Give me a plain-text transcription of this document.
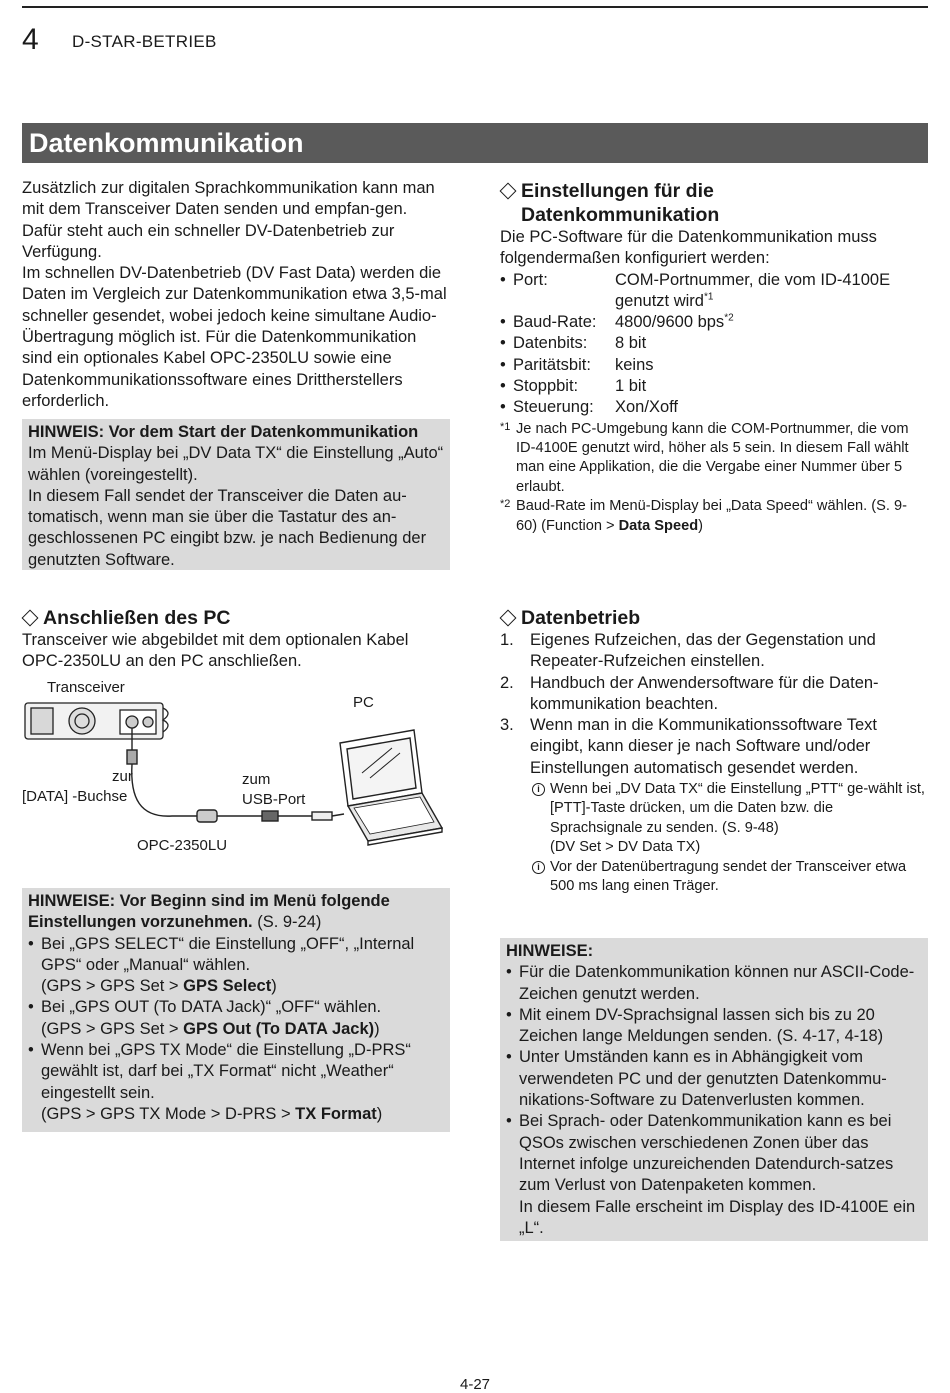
4 D-STAR-BETRIEB
Datenkommunikation

Zusätzlich zur digitalen Sprachkommunikation kann man mit dem Transceiver Daten senden und empfan-gen. Dafür steht auch ein schneller DV-Datenbetrieb zur Verfügung.

Im schnellen DV-Datenbetrieb (DV Fast Data) werden die Daten im Vergleich zur Datenkommunikation etwa 3,5-mal schneller gesendet, wobei jedoch keine simultane Audio-Übertragung möglich ist. Für die Datenkommunikation sind ein optionales Kabel OPC-2350LU sowie eine Datenkommunikationssoftware eines Drittherstellers erforderlich.

HINWEIS: Vor dem Start der Datenkommunikation

Im Menü-Display bei „DV Data TX“ die Einstellung „Auto“ wählen (voreingestellt).

In diesem Fall sendet der Transceiver die Daten au-tomatisch, wenn man sie über die Tastatur des an-geschlossenen PC eingibt bzw. je nach Bedienung der genutzten Software.

Einstellungen für die
Datenkommunikation

Die PC-Software für die Datenkommunikation muss folgendermaßen konfiguriert werden:

• Port:	COM-Portnummer, die vom ID-4100E genutzt wird$^{*1}$
• Baud-Rate:	4800/9600 bps$^{*2}$
• Datenbits:	8 bit
• Paritätsbit:	keins
• Stoppbit:	1 bit
• Steuerung:	Xon/Xoff
*1 Je nach PC-Umgebung kann die COM-Portnummer, die vom ID-4100E genutzt wird, höher als 5 sein. In diesem Fall wählt man eine Applikation, die die Vergabe einer Nummer über 5 erlaubt.
*2 Baud-Rate im Menü-Display bei „Data Speed“ wählen. (S. 9-60) (Function > Data Speed)
Anschließen des PC

Transceiver wie abgebildet mit dem optionalen Kabel OPC-2350LU an den PC anschließen.

Transceiver
PC
zur
[DATA] -Buchse
zum
USB-Port
OPC-2350LU

HINWEISE: Vor Beginn sind im Menü folgende Einstellungen vorzunehmen. (S. 9-24)

• Bei „GPS SELECT“ die Einstellung „OFF“, „Internal GPS“ oder „Manual“ wählen.
(GPS > GPS Set > GPS Select)
• Bei „GPS OUT (To DATA Jack)“ „OFF“ wählen.
(GPS > GPS Set > GPS Out (To DATA Jack))
• Wenn bei „GPS TX Mode“ die Einstellung „D-PRS“ gewählt ist, darf bei „TX Format“ nicht „Weather“ eingestellt sein.
(GPS > GPS TX Mode > D-PRS > TX Format)
Datenbetrieb
1. Eigenes Rufzeichen, das der Gegenstation und Repeater-Rufzeichen einstellen.
2. Handbuch der Anwendersoftware für die Daten-kommunikation beachten.
3. Wenn man in die Kommunikationssoftware Text eingibt, kann dieser je nach Software und/oder Einstellungen automatisch gesendet werden.
i Wenn bei „DV Data TX“ die Einstellung „PTT“ ge-wählt ist, [PTT]-Taste drücken, um die Daten bzw. die Sprachsignale zu senden. (S. 9-48)
(DV Set > DV Data TX)
i Vor der Datenübertragung sendet der Transceiver etwa 500 ms lang einen Träger.

HINWEISE:

• Für die Datenkommunikation können nur ASCII-Code-Zeichen genutzt werden.
• Mit einem DV-Sprachsignal lassen sich bis zu 20 Zeichen lange Meldungen senden. (S. 4-17, 4-18)
• Unter Umständen kann es in Abhängigkeit vom verwendeten PC und der genutzten Datenkommu-nikations-Software zu Datenverlusten kommen.
• Bei Sprach- oder Datenkommunikation kann es bei QSOs zwischen verschiedenen Zonen über das Internet infolge unzureichenden Datendurch-satzes zum Verlust von Datenpaketen kommen.
In diesem Falle erscheint im Display des ID-4100E ein „L“.
4-27
